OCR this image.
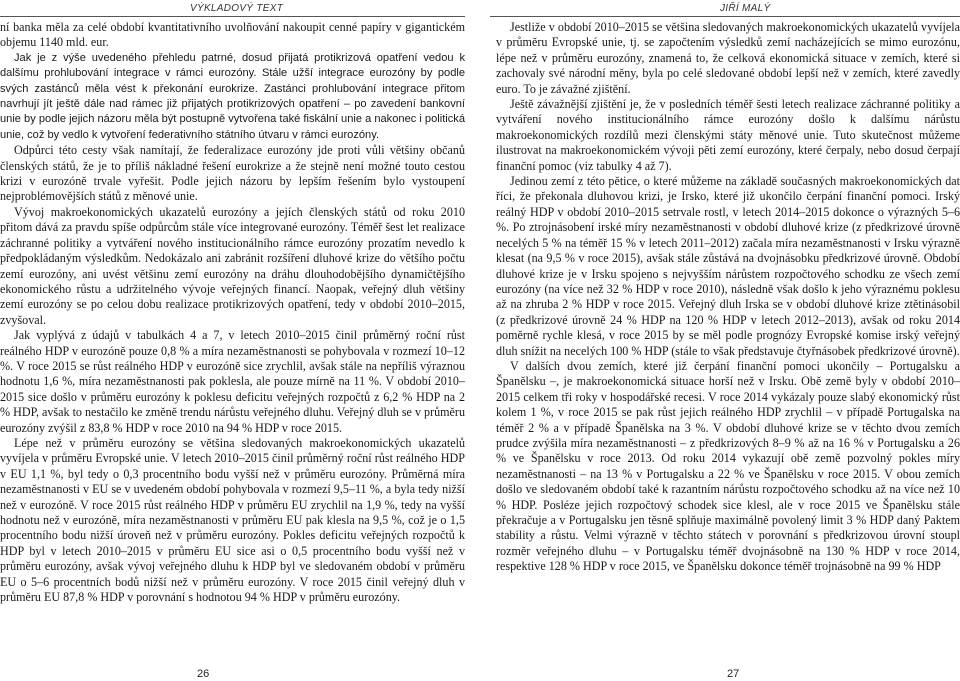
VÝKLADOVÝ TEXT	JIŘÍ MALÝ

ní banka měla za celé období kvantitativního uvolňování nakoupit cenné papíry v gigantickém objemu 1140 mld. eur.

Jak je z výše uvedeného přehledu patrné, dosud přijatá protikrizová opatření vedou k dalšímu prohlubování integrace v rámci eurozóny. Stále užší integrace eurozóny by podle svých zastánců měla vést k překonání eurokrize. Zastánci prohlubování integrace přitom navrhují jít ještě dále nad rámec již přijatých protikrizových opatření – po zavedení bankovní unie by podle jejich názoru měla být postupně vytvořena také fiskální unie a nakonec i politická unie, což by vedlo k vytvoření federativního státního útvaru v rámci eurozóny.

Odpůrci této cesty však namítají, že federalizace eurozóny jde proti vůli většiny občanů členských států, že je to příliš nákladné řešení eurokrize a že stejně není možné touto cestou krizi v eurozóně trvale vyřešit. Podle jejich názoru by lepším řešením bylo vystoupení nejproblémovějších států z měnové unie.

Vývoj makroekonomických ukazatelů eurozóny a jejích členských států od roku 2010 přitom dává za pravdu spíše odpůrcům stále více integrované eurozóny. Téměř šest let realizace záchranné politiky a vytváření nového institucionálního rámce eurozóny prozatím nevedlo k předpokládaným výsledkům. Nedokázalo ani zabránit rozšíření dluhové krize do většího počtu zemí eurozóny, ani uvést většinu zemí eurozóny na dráhu dlouhodobějšího dynamičtějšího ekonomického růstu a udržitelného vývoje veřejných financí. Naopak, veřejný dluh většiny zemí eurozóny se po celou dobu realizace protikrizových opatření, tedy v období 2010–2015, zvyšoval.

Jak vyplývá z údajů v tabulkách 4 a 7, v letech 2010–2015 činil průměrný roční růst reálného HDP v eurozóně pouze 0,8 % a míra nezaměstnanosti se pohybovala v rozmezí 10–12 %. V roce 2015 se růst reálného HDP v eurozóně sice zrychlil, avšak stále na nepříliš výraznou hodnotu 1,6 %, míra nezaměstnanosti pak poklesla, ale pouze mírně na 11 %. V období 2010–2015 sice došlo v průměru eurozóny k poklesu deficitu veřejných rozpočtů z 6,2 % HDP na 2 % HDP, avšak to nestačilo ke změně trendu nárůstu veřejného dluhu. Veřejný dluh se v průměru eurozóny zvýšil z 83,8 % HDP v roce 2010 na 94 % HDP v roce 2015.

Lépe než v průměru eurozóny se většina sledovaných makroekonomických ukazatelů vyvíjela v průměru Evropské unie. V letech 2010–2015 činil průměrný roční růst reálného HDP v EU 1,1 %, byl tedy o 0,3 procentního bodu vyšší než v průměru eurozóny. Průměrná míra nezaměstnanosti v EU se v uvedeném období pohybovala v rozmezí 9,5–11 %, a byla tedy nižší než v eurozóně. V roce 2015 růst reálného HDP v průměru EU zrychlil na 1,9 %, tedy na vyšší hodnotu než v eurozóně, míra nezaměstnanosti v průměru EU pak klesla na 9,5 %, což je o 1,5 procentního bodu nižší úroveň než v průměru eurozóny. Pokles deficitu veřejných rozpočtů k HDP byl v letech 2010–2015 v průměru EU sice asi o 0,5 procentního bodu vyšší než v průměru eurozóny, avšak vývoj veřejného dluhu k HDP byl ve sledovaném období v průměru EU o 5–6 procentních bodů nižší než v průměru eurozóny. V roce 2015 činil veřejný dluh v průměru EU 87,8 % HDP v porovnání s hodnotou 94 % HDP v průměru eurozóny.

Jestliže v období 2010–2015 se většina sledovaných makroekonomických ukazatelů vyvíjela v průměru Evropské unie, tj. se započtením výsledků zemí nacházejících se mimo eurozónu, lépe než v průměru eurozóny, znamená to, že celková ekonomická situace v zemích, které si zachovaly své národní měny, byla po celé sledované období lepší než v zemích, které zavedly euro. To je závažné zjištění.

Ještě závažnější zjištění je, že v posledních téměř šesti letech realizace záchranné politiky a vytváření nového institucionálního rámce eurozóny došlo k dalšímu nárůstu makroekonomických rozdílů mezi členskými státy měnové unie. Tuto skutečnost můžeme ilustrovat na makroekonomickém vývoji pěti zemí eurozóny, které čerpaly, nebo dosud čerpají finanční pomoc (viz tabulky 4 až 7).

Jedinou zemí z této pětice, o které můžeme na základě současných makroekonomických dat říci, že překonala dluhovou krizi, je Irsko, které již ukončilo čerpání finanční pomoci. Irský reálný HDP v období 2010–2015 setrvale rostl, v letech 2014–2015 dokonce o výrazných 5–6 %. Po ztrojnásobení irské míry nezaměstnanosti v období dluhové krize (z předkrizové úrovně necelých 5 % na téměř 15 % v letech 2011–2012) začala míra nezaměstnanosti v Irsku výrazně klesat (na 9,5 % v roce 2015), avšak stále zůstává na dvojnásobku předkrizové úrovně. Období dluhové krize je v Irsku spojeno s nejvyšším nárůstem rozpočtového schodku ze všech zemí eurozóny (na více než 32 % HDP v roce 2010), následně však došlo k jeho výraznému poklesu až na zhruba 2 % HDP v roce 2015. Veřejný dluh Irska se v období dluhové krize ztětinásobil (z předkrizové úrovně 24 % HDP na 120 % HDP v letech 2012–2013), avšak od roku 2014 poměrně rychle klesá, v roce 2015 by se měl podle prognózy Evropské komise irský veřejný dluh snížit na necelých 100 % HDP (stále to však představuje čtyřnásobek předkrizové úrovně).

V dalších dvou zemích, které již čerpání finanční pomoci ukončily – Portugalsku a Španělsku –, je makroekonomická situace horší než v Irsku. Obě země byly v období 2010–2015 celkem tři roky v hospodářské recesi. V roce 2014 vykázaly pouze slabý ekonomický růst kolem 1 %, v roce 2015 se pak růst jejich reálného HDP zrychlil – v případě Portugalska na téměř 2 % a v případě Španělska na 3 %. V období dluhové krize se v těchto dvou zemích prudce zvýšila míra nezaměstnanosti – z předkrizových 8–9 % až na 16 % v Portugalsku a 26 % ve Španělsku v roce 2013. Od roku 2014 vykazují obě země pozvolný pokles míry nezaměstnanosti – na 13 % v Portugalsku a 22 % ve Španělsku v roce 2015. V obou zemích došlo ve sledovaném období také k razantním nárůstu rozpočtového schodku až na více než 10 % HDP. Posléze jejich rozpočtový schodek sice klesl, ale v roce 2015 ve Španělsku stále překračuje a v Portugalsku jen těsně splňuje maximálně povolený limit 3 % HDP daný Paktem stability a růstu. Velmi výrazně v těchto státech v porovnání s předkrizovou úrovní stoupl rozměr veřejného dluhu – v Portugalsku téměř dvojnásobně na 130 % HDP v roce 2014, respektive 128 % HDP v roce 2015, ve Španělsku dokonce téměř trojnásobně na 99 % HDP

26	27
